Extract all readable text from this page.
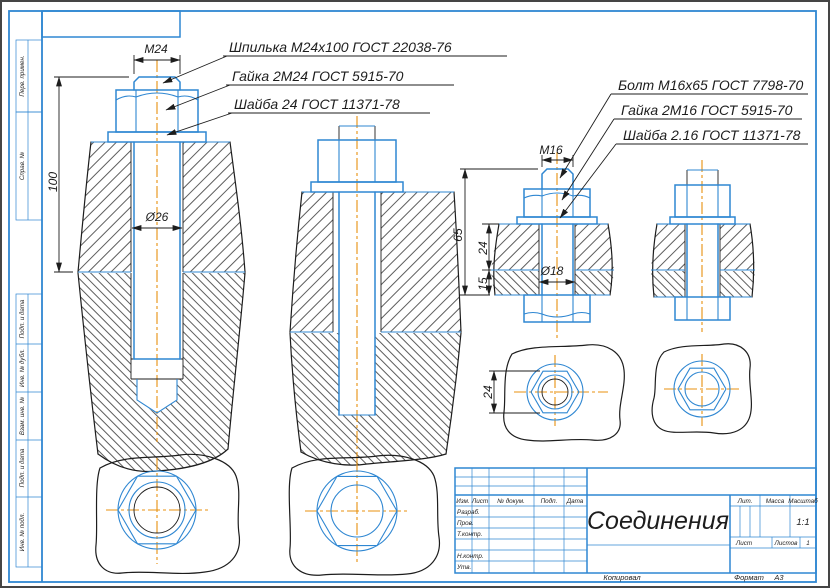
Перв. примен.
Справ. №
Подп. и дата
Инв. № дубл.
Взам. инв. №
Подп. и дата
Инв. № подл.
М24
100
Ø26
Шпилька М24х100 ГОСТ 22038-76
Гайка 2М24 ГОСТ 5915-70
Шайба 24 ГОСТ 11371-78
М16
65
24
15
Ø18
24
Болт М16х65 ГОСТ 7798-70
Гайка 2М16 ГОСТ 5915-70
Шайба 2.16 ГОСТ 11371-78
Изм. Лист № докум. Подп. Дата
Разраб.
Пров.
Т.контр.
Н.контр.
Утв.
Соединения
Лит. Масса Масштаб
1:1
Лист	Листов 1
Копировал	Формат A3
